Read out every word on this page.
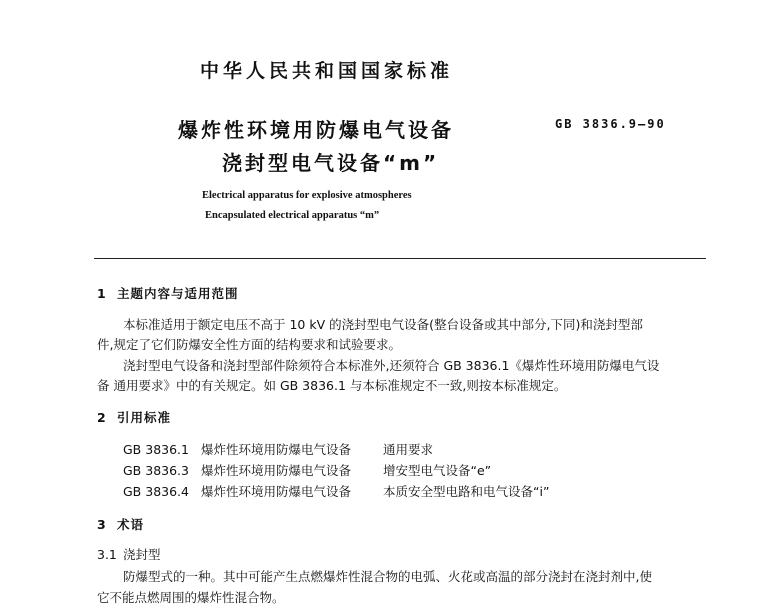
中华人民共和国国家标准
爆炸性环境用防爆电气设备
浇封型电气设备“m”
GB 3836.9—90
Electrical apparatus for explosive atmospheres
Encapsulated electrical apparatus “m”
1 主题内容与适用范围
本标准适用于额定电压不高于 10 kV 的浇封型电气设备(整台设备或其中部分,下同)和浇封型部
件,规定了它们防爆安全性方面的结构要求和试验要求。
浇封型电气设备和浇封型部件除须符合本标准外,还须符合 GB 3836.1《爆炸性环境用防爆电气设
备 通用要求》中的有关规定。如 GB 3836.1 与本标准规定不一致,则按本标准规定。
2 引用标准
GB 3836.1 爆炸性环境用防爆电气设备	通用要求
GB 3836.3 爆炸性环境用防爆电气设备	增安型电气设备“e”
GB 3836.4 爆炸性环境用防爆电气设备	本质安全型电路和电气设备“i”
3 术语
3.1 浇封型
防爆型式的一种。其中可能产生点燃爆炸性混合物的电弧、火花或高温的部分浇封在浇封剂中,使
它不能点燃周围的爆炸性混合物。
